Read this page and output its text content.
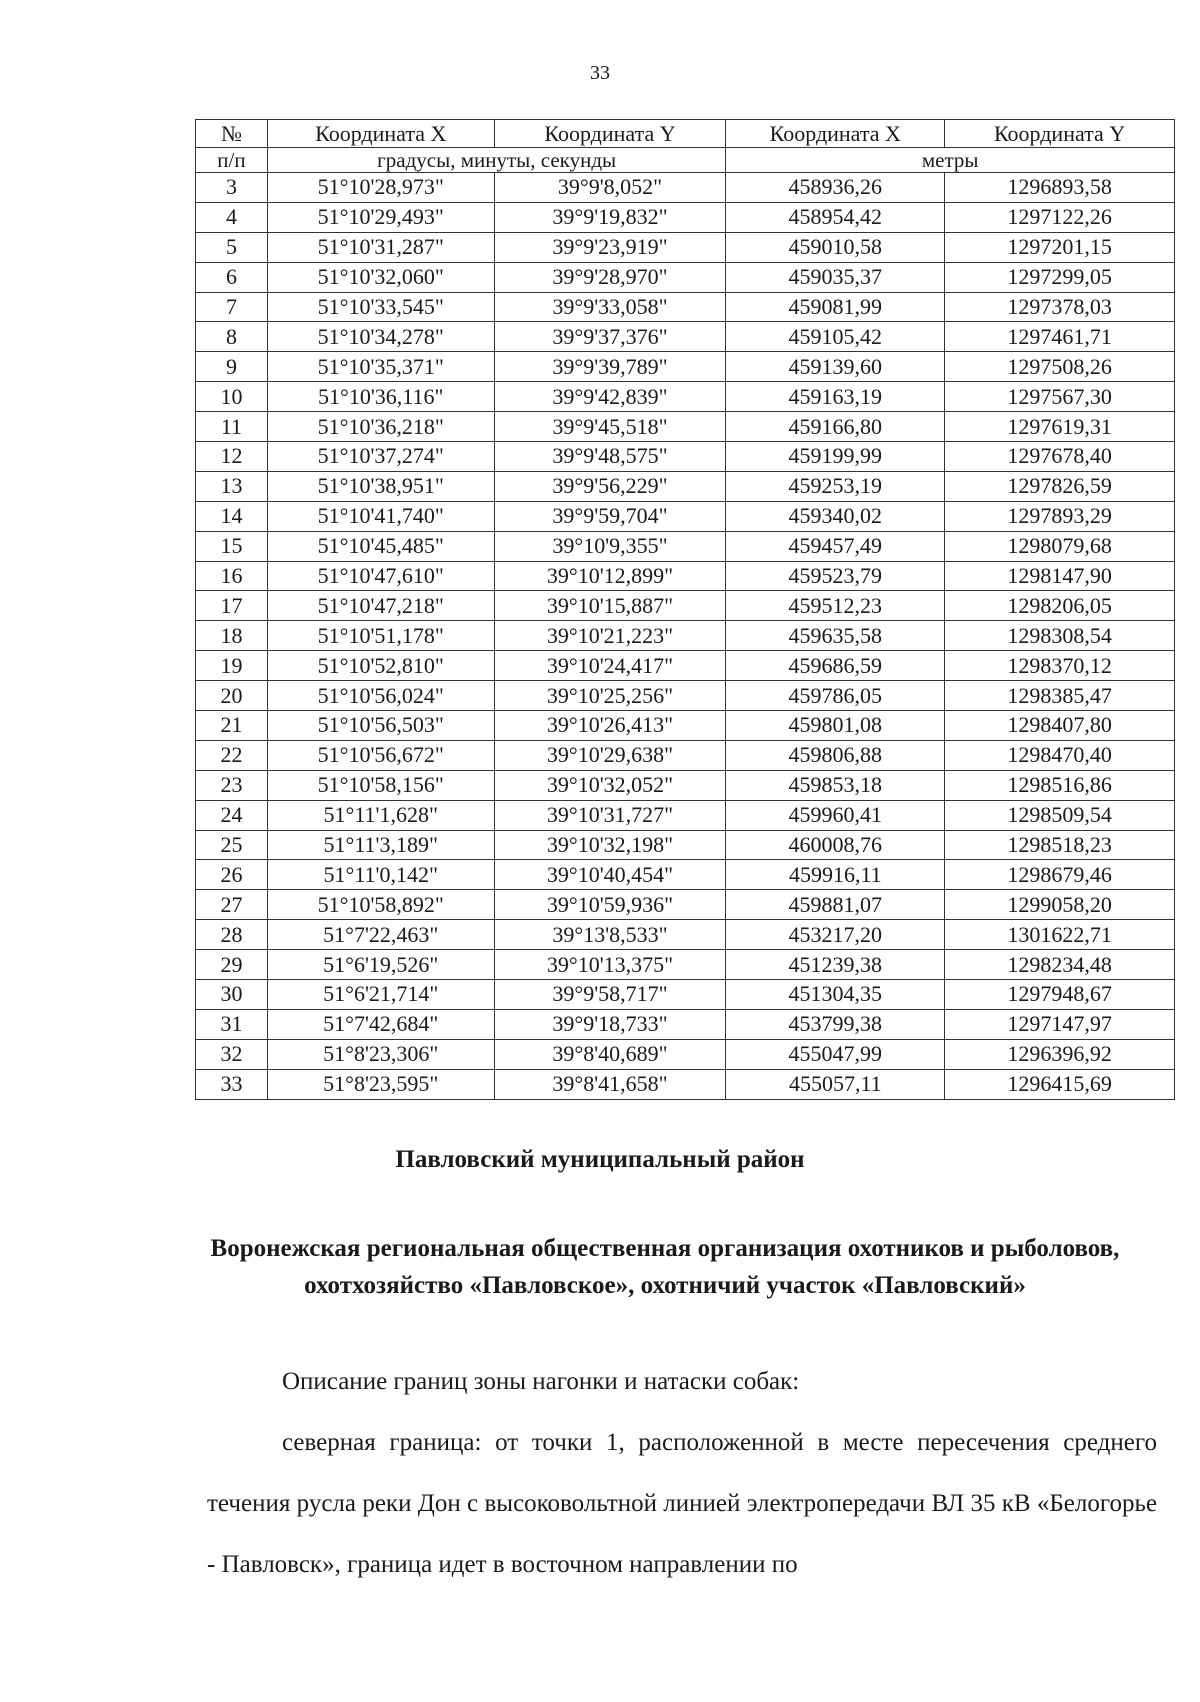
33
№	Координата X	Координата Y	Координата X	Координата Y
п/п	градусы, минуты, секунды		метры	
3	51°10'28,973"	39°9'8,052"	458936,26	1296893,58
4	51°10'29,493"	39°9'19,832"	458954,42	1297122,26
5	51°10'31,287"	39°9'23,919"	459010,58	1297201,15
6	51°10'32,060"	39°9'28,970"	459035,37	1297299,05
7	51°10'33,545"	39°9'33,058"	459081,99	1297378,03
8	51°10'34,278"	39°9'37,376"	459105,42	1297461,71
9	51°10'35,371"	39°9'39,789"	459139,60	1297508,26
10	51°10'36,116"	39°9'42,839"	459163,19	1297567,30
11	51°10'36,218"	39°9'45,518"	459166,80	1297619,31
12	51°10'37,274"	39°9'48,575"	459199,99	1297678,40
13	51°10'38,951"	39°9'56,229"	459253,19	1297826,59
14	51°10'41,740"	39°9'59,704"	459340,02	1297893,29
15	51°10'45,485"	39°10'9,355"	459457,49	1298079,68
16	51°10'47,610"	39°10'12,899"	459523,79	1298147,90
17	51°10'47,218"	39°10'15,887"	459512,23	1298206,05
18	51°10'51,178"	39°10'21,223"	459635,58	1298308,54
19	51°10'52,810"	39°10'24,417"	459686,59	1298370,12
20	51°10'56,024"	39°10'25,256"	459786,05	1298385,47
21	51°10'56,503"	39°10'26,413"	459801,08	1298407,80
22	51°10'56,672"	39°10'29,638"	459806,88	1298470,40
23	51°10'58,156"	39°10'32,052"	459853,18	1298516,86
24	51°11'1,628"	39°10'31,727"	459960,41	1298509,54
25	51°11'3,189"	39°10'32,198"	460008,76	1298518,23
26	51°11'0,142"	39°10'40,454"	459916,11	1298679,46
27	51°10'58,892"	39°10'59,936"	459881,07	1299058,20
28	51°7'22,463"	39°13'8,533"	453217,20	1301622,71
29	51°6'19,526"	39°10'13,375"	451239,38	1298234,48
30	51°6'21,714"	39°9'58,717"	451304,35	1297948,67
31	51°7'42,684"	39°9'18,733"	453799,38	1297147,97
32	51°8'23,306"	39°8'40,689"	455047,99	1296396,92
33	51°8'23,595"	39°8'41,658"	455057,11	1296415,69
Павловский муниципальный район
Воронежская региональная общественная организация охотников и рыболовов, охотхозяйство «Павловское», охотничий участок «Павловский»
Описание границ зоны нагонки и натаски собак:
северная граница: от точки 1, расположенной в месте пересечения среднего течения русла реки Дон с высоковольтной линией электропередачи ВЛ 35 кВ «Белогорье - Павловск», граница идет в восточном направлении по
